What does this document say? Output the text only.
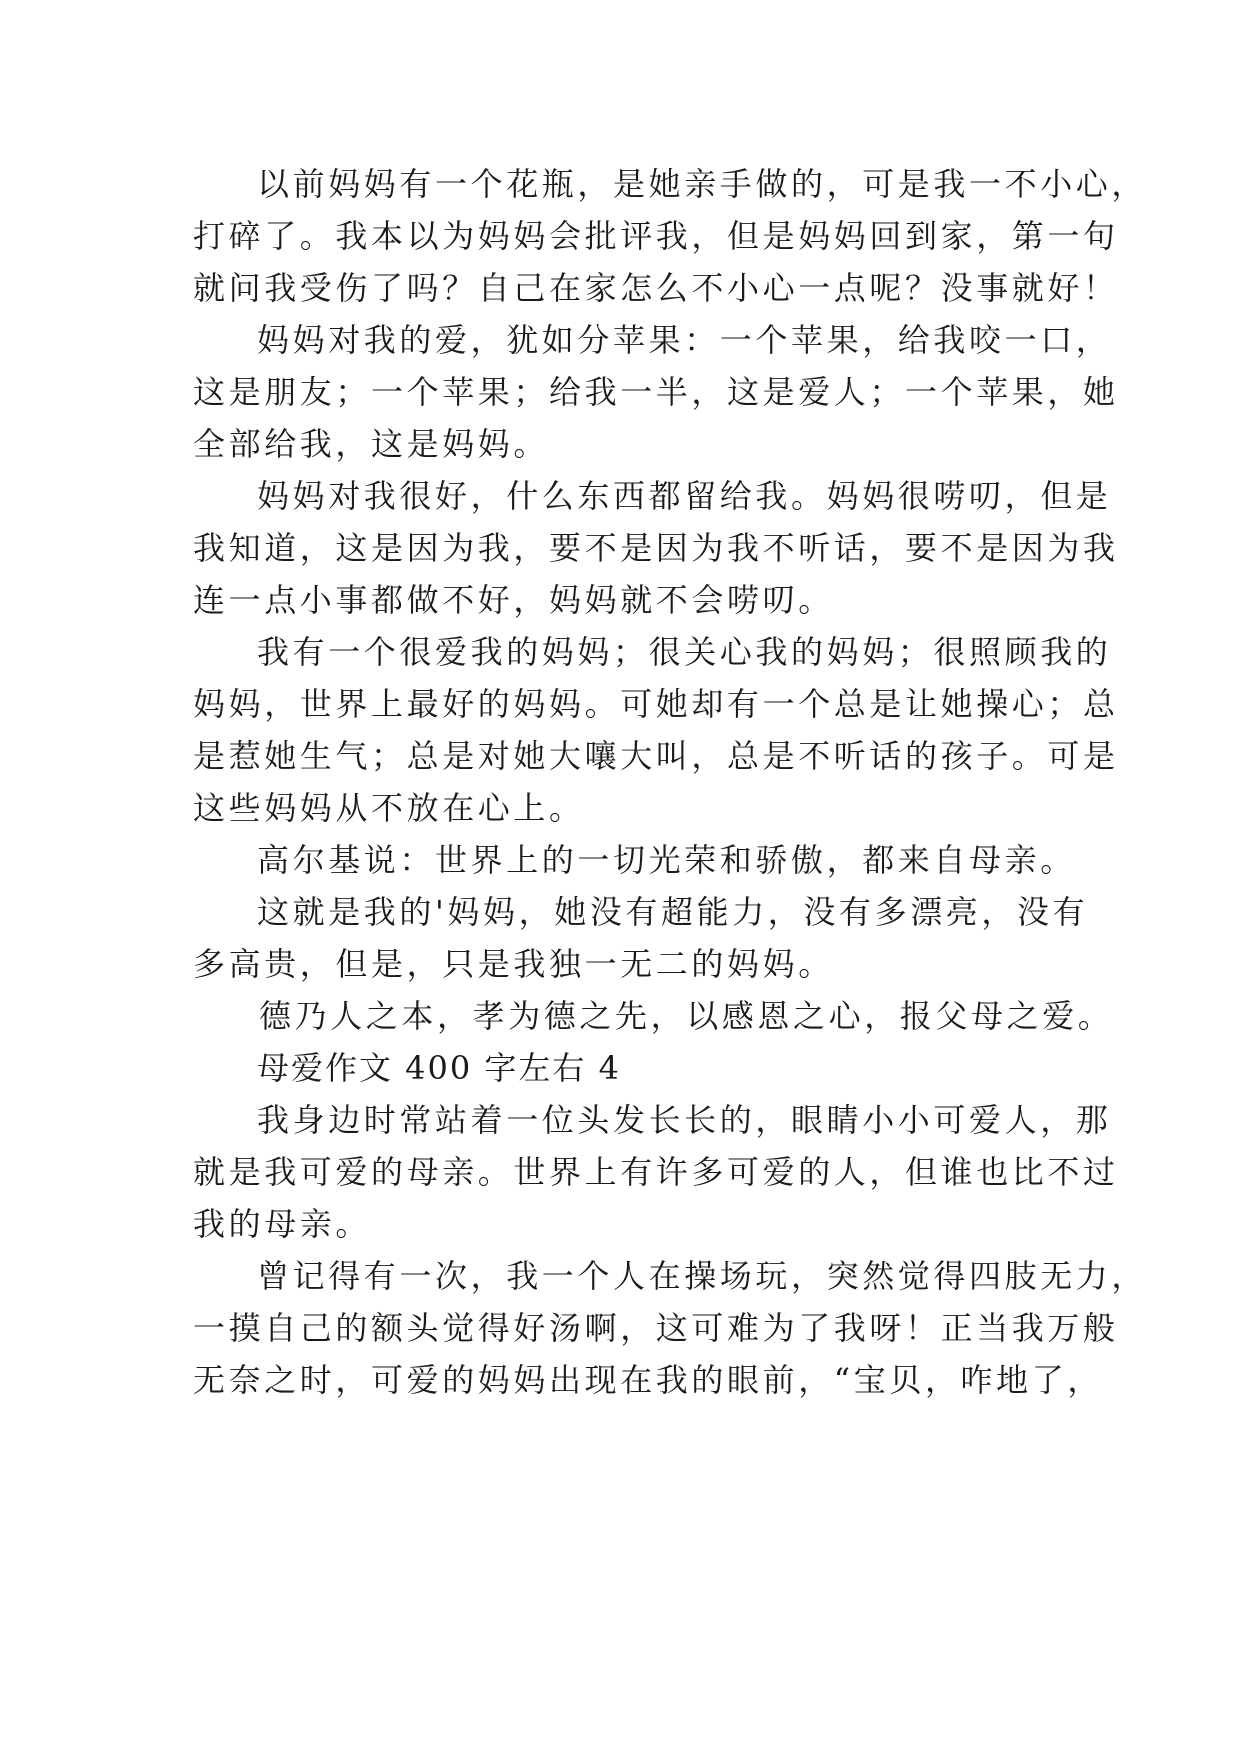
以前妈妈有一个花瓶，是她亲手做的，可是我一不小心，
打碎了。我本以为妈妈会批评我，但是妈妈回到家，第一句
就问我受伤了吗？自己在家怎么不小心一点呢？没事就好！
妈妈对我的爱，犹如分苹果：一个苹果，给我咬一口，
这是朋友；一个苹果；给我一半，这是爱人；一个苹果，她
全部给我，这是妈妈。
妈妈对我很好，什么东西都留给我。妈妈很唠叨，但是
我知道，这是因为我，要不是因为我不听话，要不是因为我
连一点小事都做不好，妈妈就不会唠叨。
我有一个很爱我的妈妈；很关心我的妈妈；很照顾我的
妈妈，世界上最好的妈妈。可她却有一个总是让她操心；总
是惹她生气；总是对她大嚷大叫，总是不听话的孩子。可是
这些妈妈从不放在心上。
高尔基说：世界上的一切光荣和骄傲，都来自母亲。
这就是我的'妈妈，她没有超能力，没有多漂亮，没有
多高贵，但是，只是我独一无二的妈妈。
德乃人之本，孝为德之先，以感恩之心，报父母之爱。
母爱作文 400 字左右 4
我身边时常站着一位头发长长的，眼睛小小可爱人，那
就是我可爱的母亲。世界上有许多可爱的人，但谁也比不过
我的母亲。
曾记得有一次，我一个人在操场玩，突然觉得四肢无力，
一摸自己的额头觉得好汤啊，这可难为了我呀！正当我万般
无奈之时，可爱的妈妈出现在我的眼前，“宝贝，咋地了，
